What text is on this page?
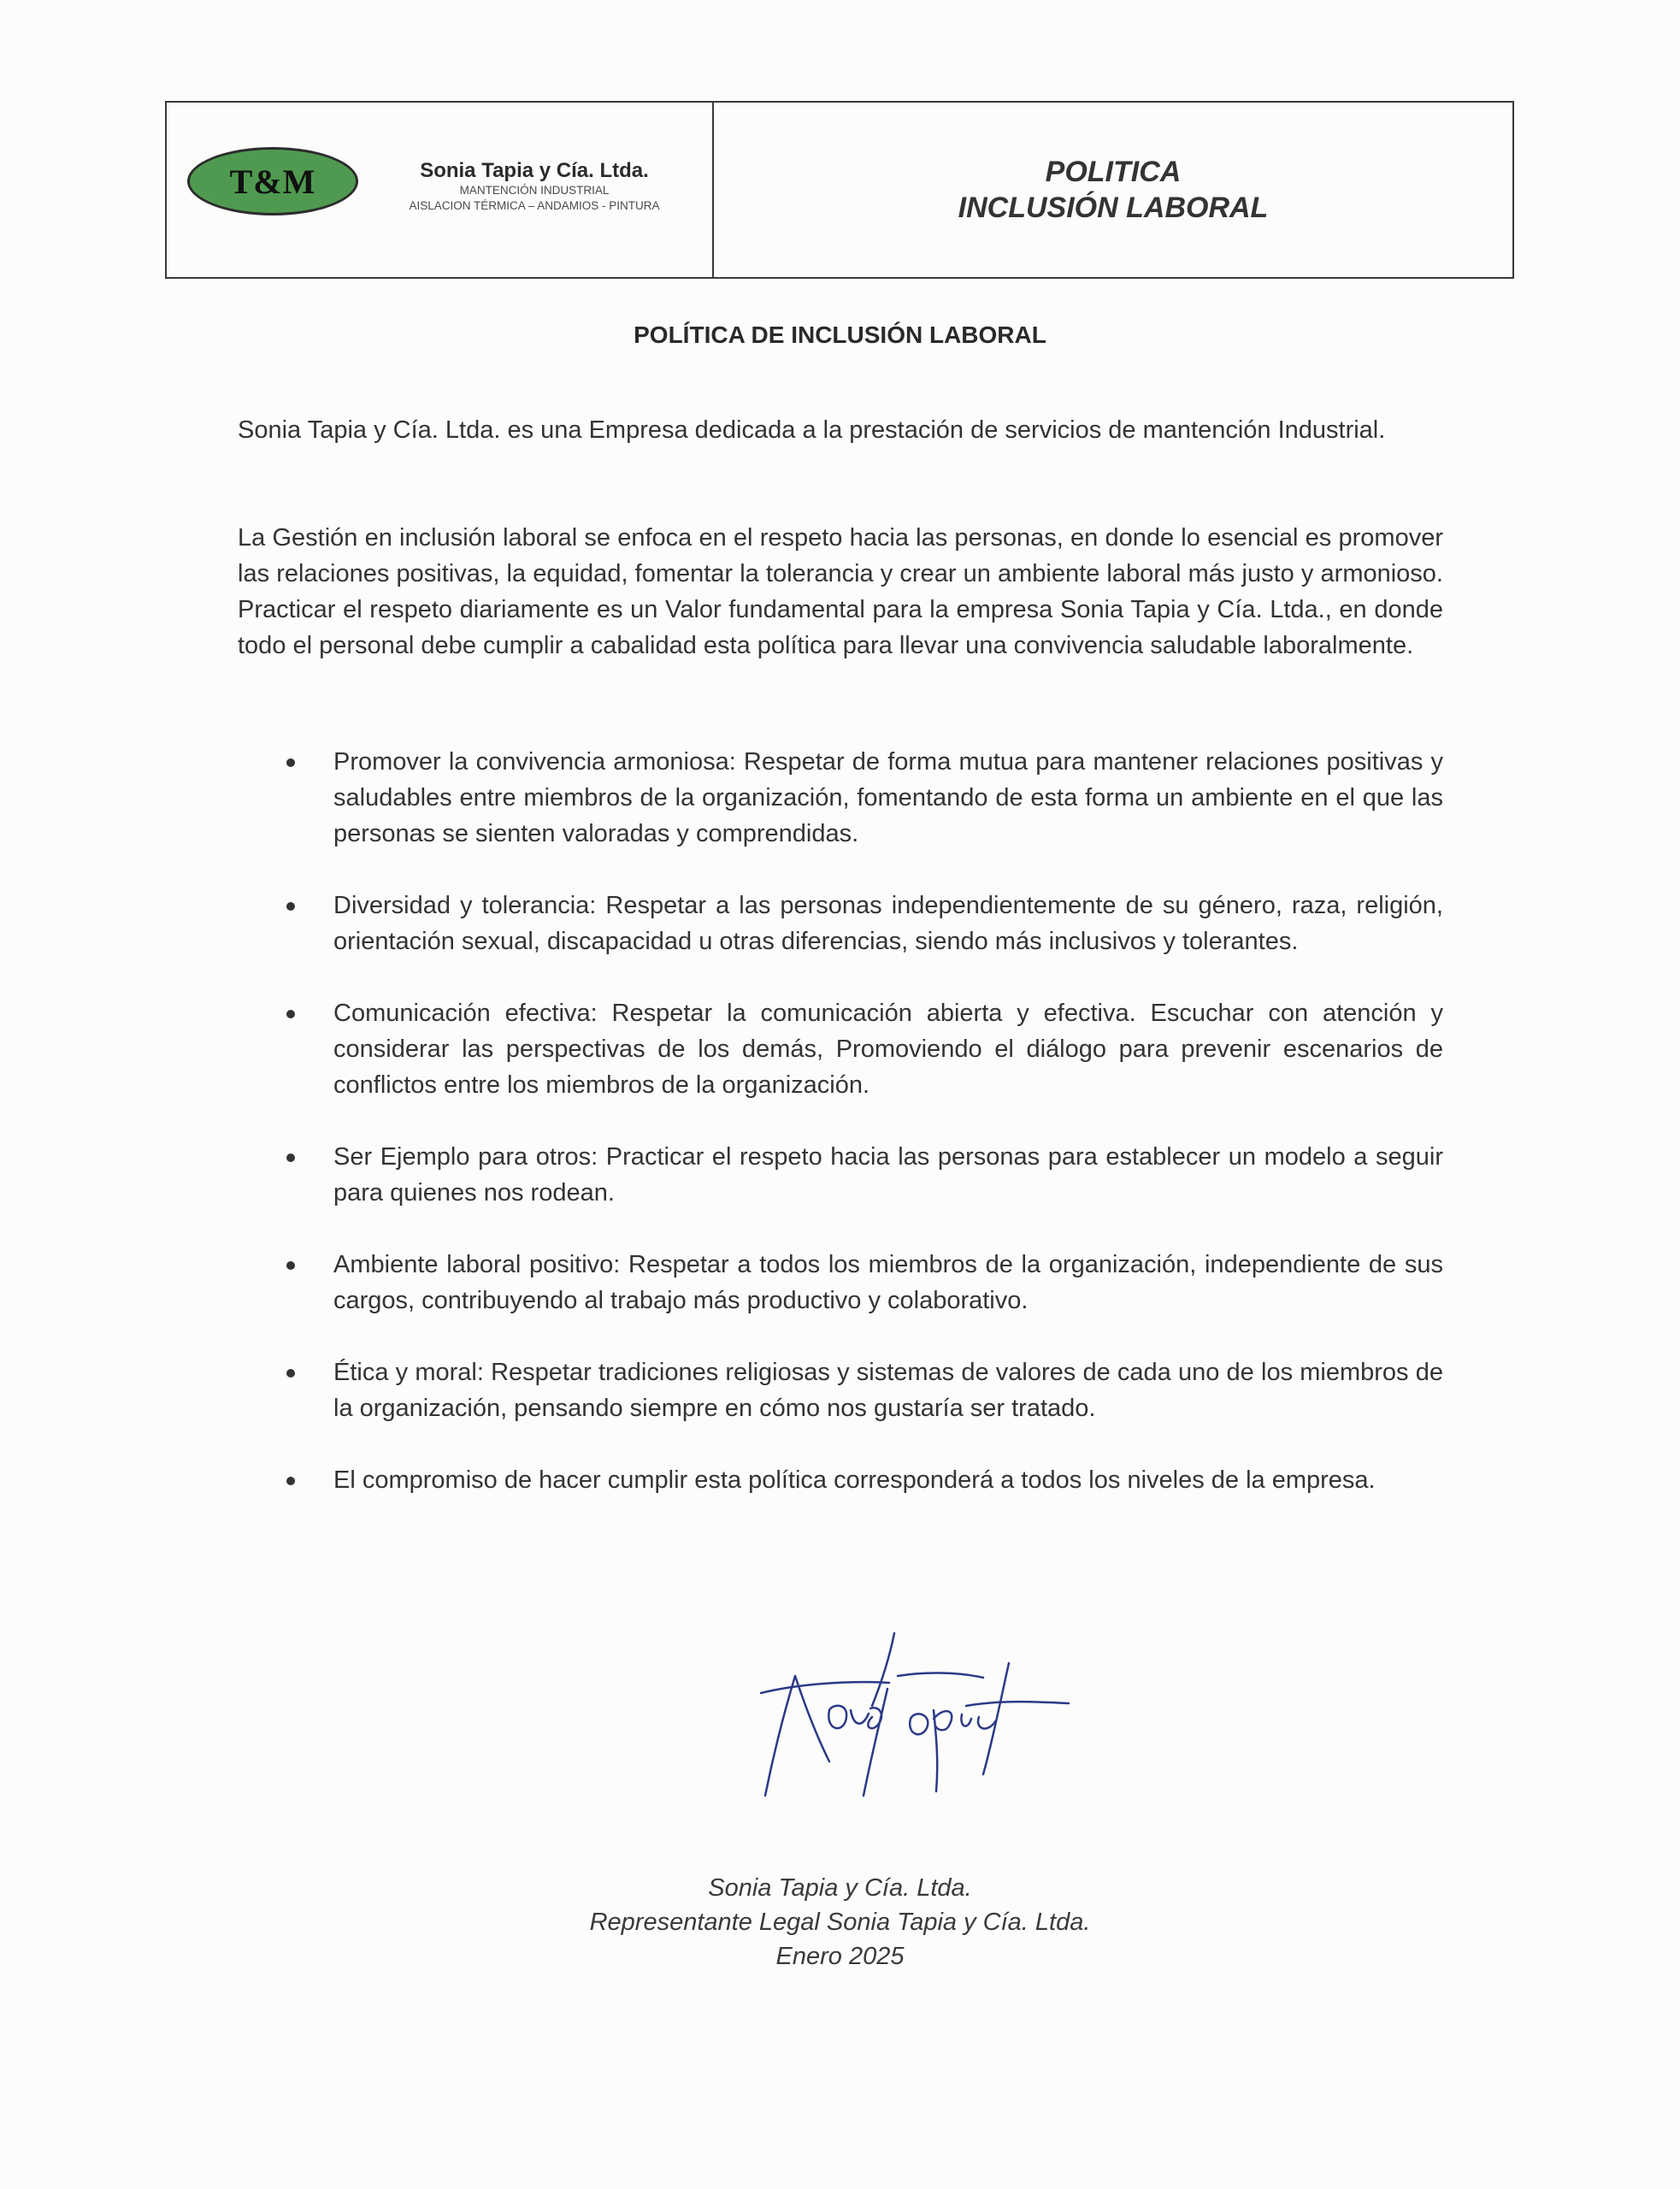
T&M	Sonia Tapia y Cía. Ltda.
MANTENCIÓN INDUSTRIAL
AISLACION TÉRMICA – ANDAMIOS - PINTURA
POLITICA
INCLUSIÓN LABORAL
POLÍTICA DE INCLUSIÓN LABORAL

Sonia Tapia y Cía. Ltda. es una Empresa dedicada a la prestación de servicios de mantención Industrial.

La Gestión en inclusión laboral se enfoca en el respeto hacia las personas, en donde lo esencial es promover las relaciones positivas, la equidad, fomentar la tolerancia y crear un ambiente laboral más justo y armonioso. Practicar el respeto diariamente es un Valor fundamental para la empresa Sonia Tapia y Cía. Ltda., en donde todo el personal debe cumplir a cabalidad esta política para llevar una convivencia saludable laboralmente.

Promover la convivencia armoniosa: Respetar de forma mutua para mantener relaciones positivas y saludables entre miembros de la organización, fomentando de esta forma un ambiente en el que las personas se sienten valoradas y comprendidas.
Diversidad y tolerancia: Respetar a las personas independientemente de su género, raza, religión, orientación sexual, discapacidad u otras diferencias, siendo más inclusivos y tolerantes.
Comunicación efectiva: Respetar la comunicación abierta y efectiva. Escuchar con atención y considerar las perspectivas de los demás, Promoviendo el diálogo para prevenir escenarios de conflictos entre los miembros de la organización.
Ser Ejemplo para otros: Practicar el respeto hacia las personas para establecer un modelo a seguir para quienes nos rodean.
Ambiente laboral positivo: Respetar a todos los miembros de la organización, independiente de sus cargos, contribuyendo al trabajo más productivo y colaborativo.
Ética y moral: Respetar tradiciones religiosas y sistemas de valores de cada uno de los miembros de la organización, pensando siempre en cómo nos gustaría ser tratado.
El compromiso de hacer cumplir esta política corresponderá a todos los niveles de la empresa.
Sonia Tapia y Cía. Ltda.
Representante Legal Sonia Tapia y Cía. Ltda.
Enero 2025
